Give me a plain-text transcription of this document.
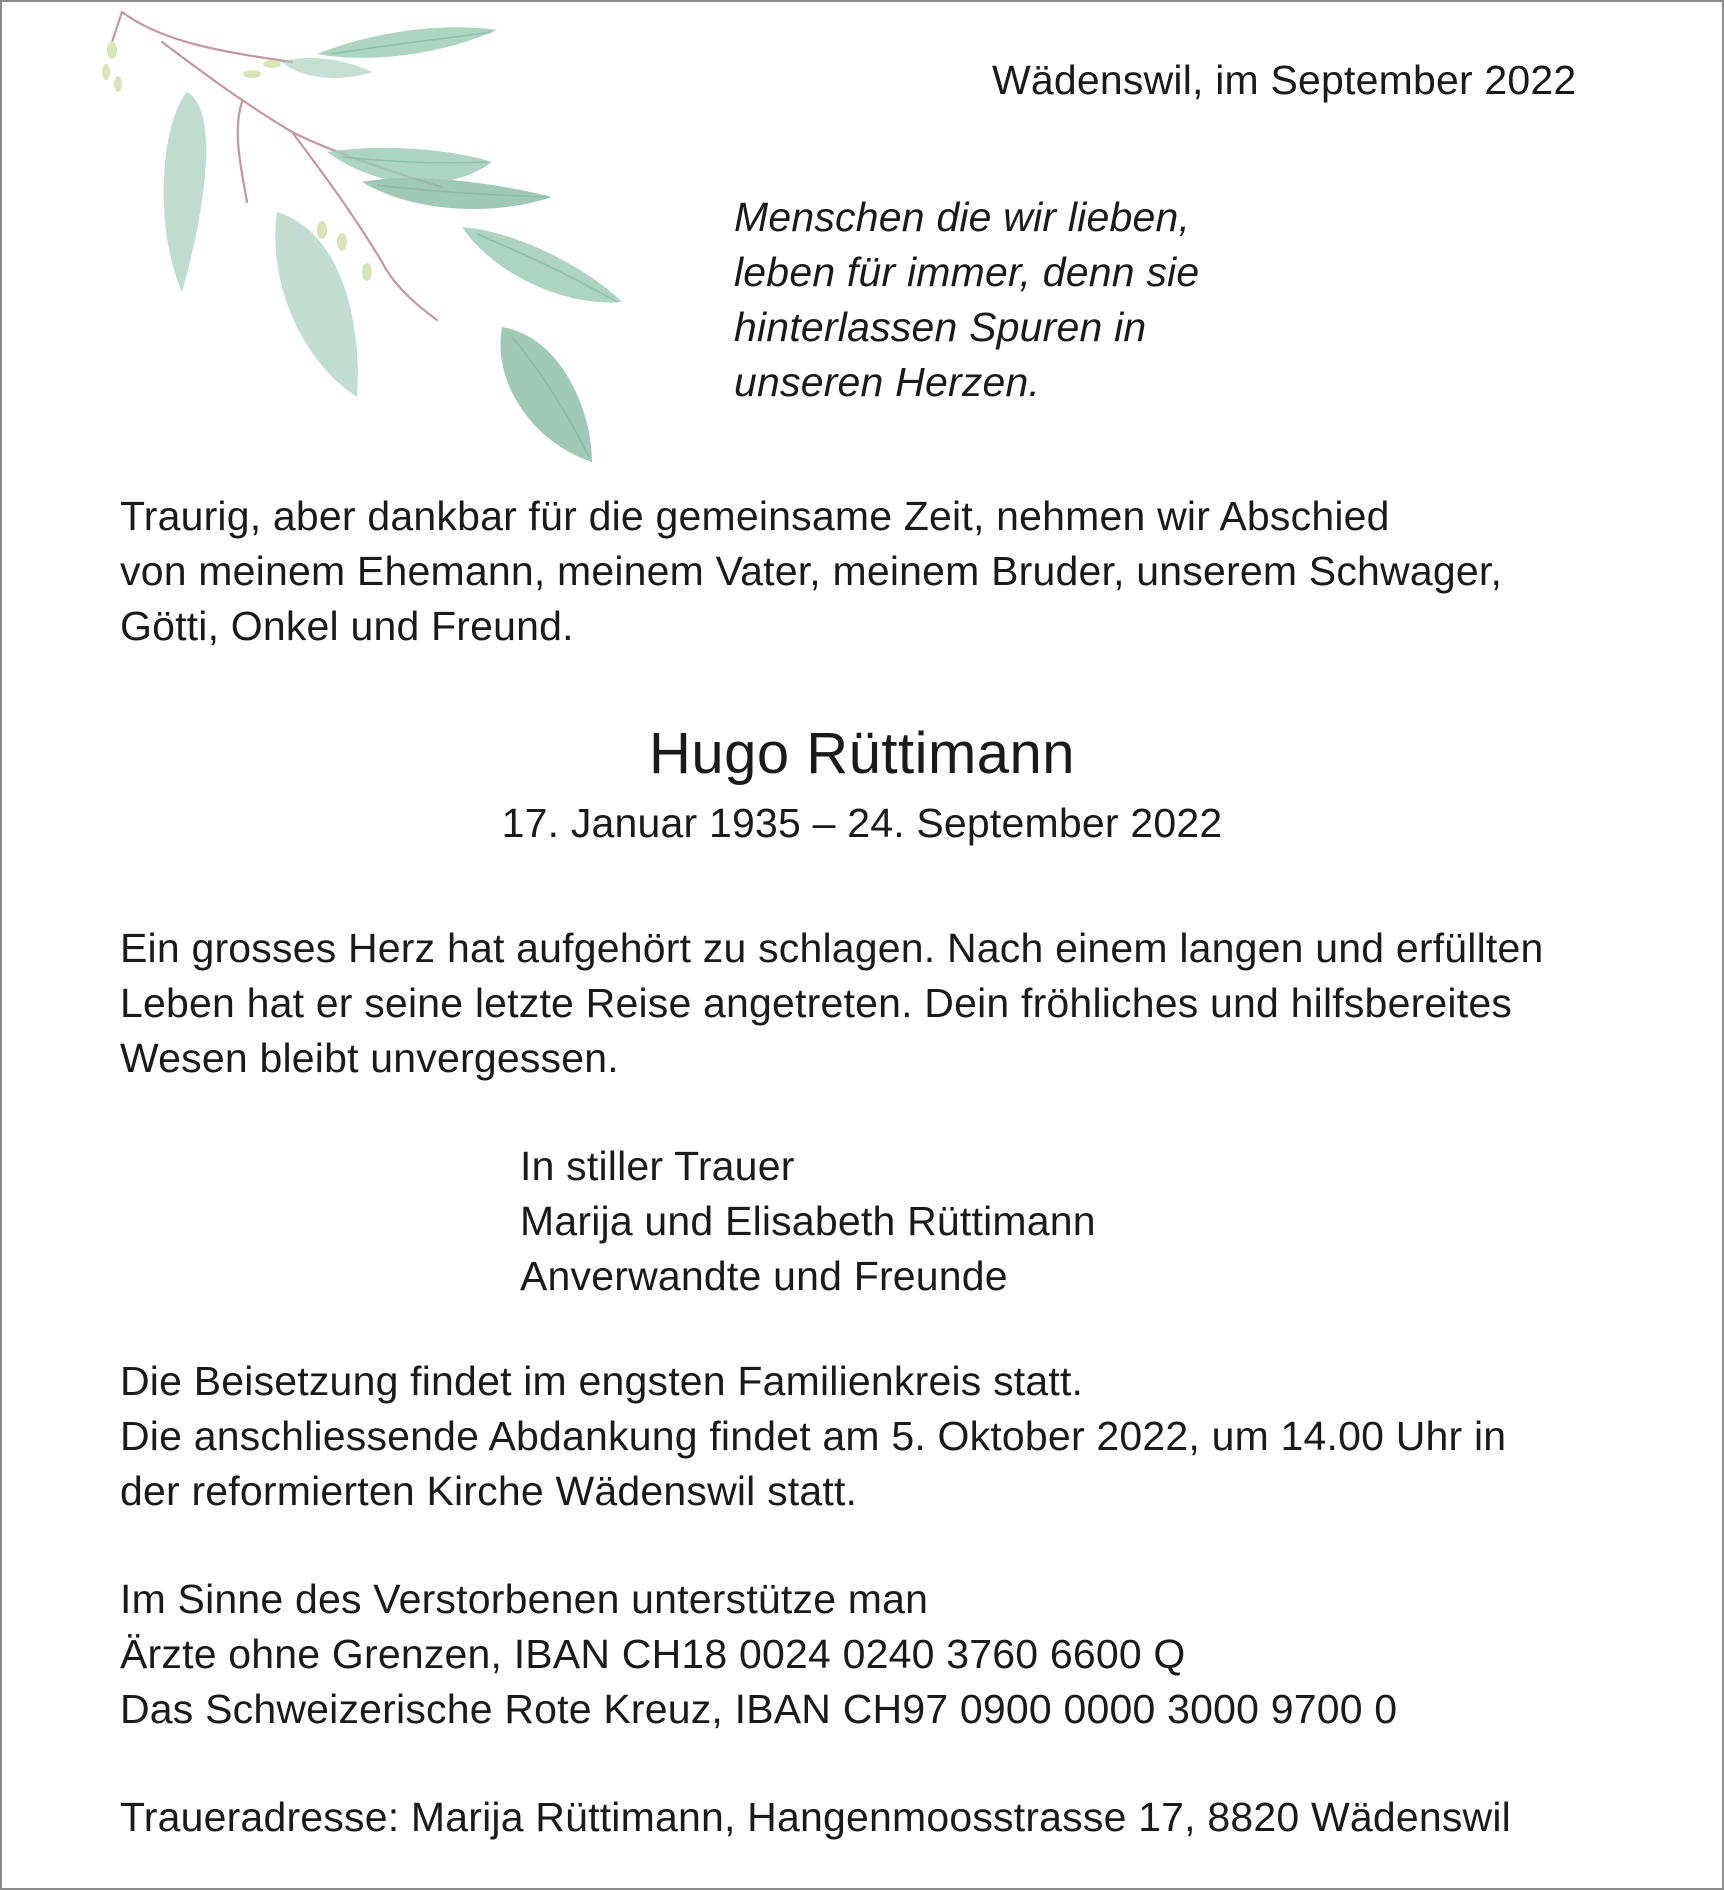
Wädenswil, im September 2022
Menschen die wir lieben,
leben für immer, denn sie
hinterlassen Spuren in
unseren Herzen.
Traurig, aber dankbar für die gemeinsame Zeit, nehmen wir Abschied
von meinem Ehemann, meinem Vater, meinem Bruder, unserem Schwager,
Götti, Onkel und Freund.
Hugo Rüttimann
17. Januar 1935 – 24. September 2022
Ein grosses Herz hat aufgehört zu schlagen. Nach einem langen und erfüllten
Leben hat er seine letzte Reise angetreten. Dein fröhliches und hilfsbereites
Wesen bleibt unvergessen.
In stiller Trauer
Marija und Elisabeth Rüttimann
Anverwandte und Freunde
Die Beisetzung findet im engsten Familienkreis statt.
Die anschliessende Abdankung findet am 5. Oktober 2022, um 14.00 Uhr in
der reformierten Kirche Wädenswil statt.
Im Sinne des Verstorbenen unterstütze man
Ärzte ohne Grenzen, IBAN CH18 0024 0240 3760 6600 Q
Das Schweizerische Rote Kreuz, IBAN CH97 0900 0000 3000 9700 0
Traueradresse: Marija Rüttimann, Hangenmoosstrasse 17, 8820 Wädenswil
